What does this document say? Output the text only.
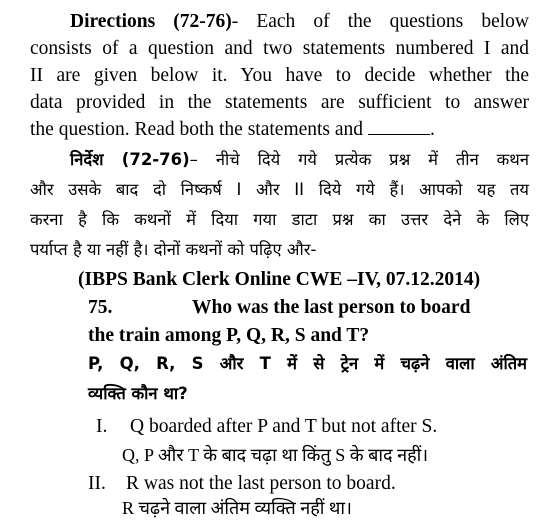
Directions (72-76)- Each of the questions below
consists of a question and two statements numbered I and
II are given below it. You have to decide whether the
data provided in the statements are sufficient to answer
the question. Read both the statements and	.
निर्देश (72-76)– नीचे दिये गये प्रत्येक प्रश्न में तीन कथन
और उसके बाद दो निष्कर्ष I और II दिये गये हैं। आपको यह तय
करना है कि कथनों में दिया गया डाटा प्रश्न का उत्तर देने के लिए
पर्याप्त है या नहीं है। दोनों कथनों को पढ़िए और-
(IBPS Bank Clerk Online CWE –IV, 07.12.2014)
75.	Who was the last person to board
the train among P, Q, R, S and T?
P, Q, R, S और T में से ट्रेन में चढ़ने वाला अंतिम
व्यक्ति कौन था?
I. Q boarded after P and T but not after S.
Q, P और T के बाद चढ़ा था किंतु S के बाद नहीं।
II. R was not the last person to board.
R चढ़ने वाला अंतिम व्यक्ति नहीं था।
